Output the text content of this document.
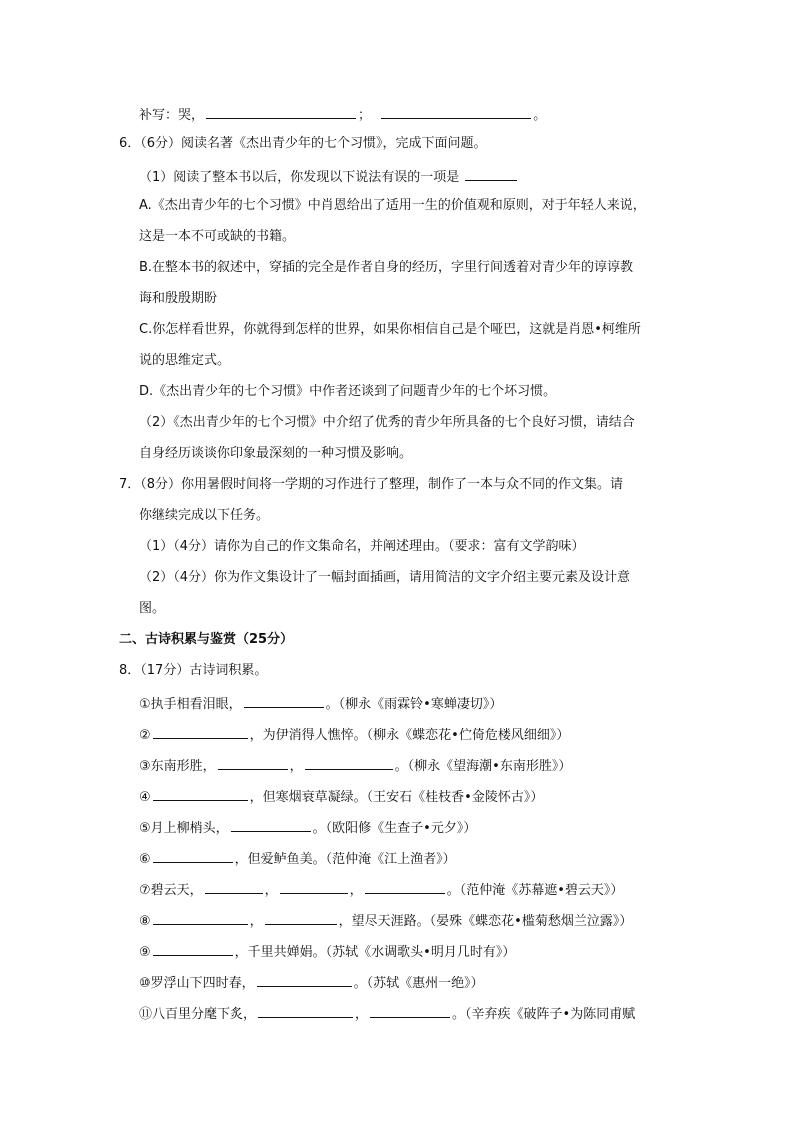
补写：哭，	；	。
6．（6分）阅读名著《杰出青少年的七个习惯》，完成下面问题。
（1）阅读了整本书以后，你发现以下说法有误的一项是
A.《杰出青少年的七个习惯》中肖恩给出了适用一生的价值观和原则，对于年轻人来说，
这是一本不可或缺的书籍。
B.在整本书的叙述中，穿插的完全是作者自身的经历，字里行间透着对青少年的谆谆教
诲和殷殷期盼
C.你怎样看世界，你就得到怎样的世界，如果你相信自己是个哑巴，这就是肖恩•柯维所
说的思维定式。
D.《杰出青少年的七个习惯》中作者还谈到了问题青少年的七个坏习惯。
（2）《杰出青少年的七个习惯》中介绍了优秀的青少年所具备的七个良好习惯，请结合
自身经历谈谈你印象最深刻的一种习惯及影响。
7．（8分）你用暑假时间将一学期的习作进行了整理，制作了一本与众不同的作文集。请
你继续完成以下任务。
（1）（4分）请你为自己的作文集命名，并阐述理由。（要求：富有文学韵味）
（2）（4分）你为作文集设计了一幅封面插画，请用简洁的文字介绍主要元素及设计意
图。
二、古诗积累与鉴赏（25分）
8．（17分）古诗词积累。
①执手相看泪眼，	。（柳永《雨霖铃•寒蝉凄切》）
②	，为伊消得人憔悴。（柳永《蝶恋花•伫倚危楼风细细》）
③东南形胜，	，	。（柳永《望海潮•东南形胜》）
④	，但寒烟衰草凝绿。（王安石《桂枝香•金陵怀古》）
⑤月上柳梢头，	。（欧阳修《生查子•元夕》）
⑥	，但爱鲈鱼美。（范仲淹《江上渔者》）
⑦碧云天，	，	，	。（范仲淹《苏幕遮•碧云天》）
⑧	，	，望尽天涯路。（晏殊《蝶恋花•槛菊愁烟兰泣露》）
⑨	，千里共婵娟。（苏轼《水调歌头•明月几时有》）
⑩罗浮山下四时春，	。（苏轼《惠州一绝》）
⑪八百里分麾下炙，	，	。（辛弃疾《破阵子•为陈同甫赋
